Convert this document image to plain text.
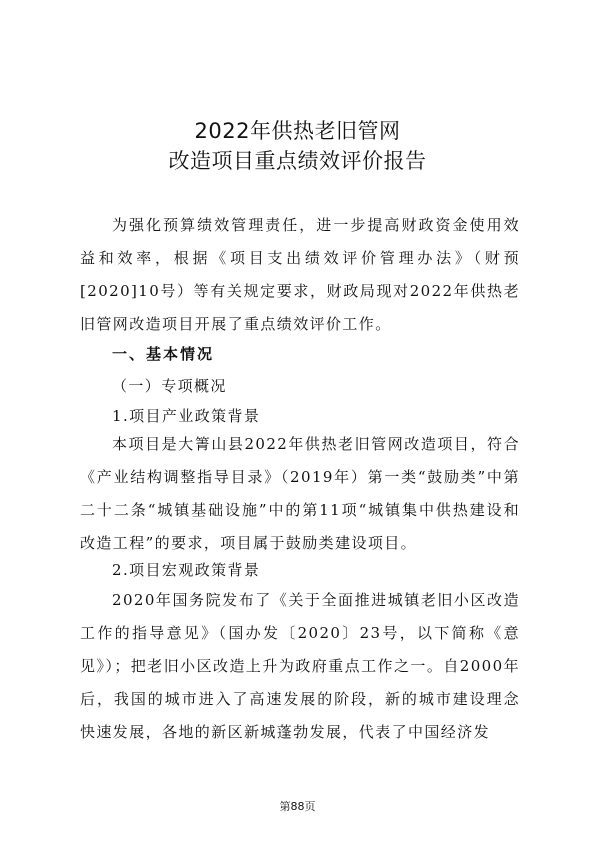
2022年供热老旧管网
改造项目重点绩效评价报告

为强化预算绩效管理责任，进一步提高财政资金使用效益和效率，根据《项目支出绩效评价管理办法》（财预[2020]10号）等有关规定要求，财政局现对2022年供热老旧管网改造项目开展了重点绩效评价工作。

一、基本情况
（一）专项概况
1.项目产业政策背景

本项目是大箐山县2022年供热老旧管网改造项目，符合《产业结构调整指导目录》（2019年）第一类“鼓励类”中第二十二条“城镇基础设施”中的第11项“城镇集中供热建设和改造工程”的要求，项目属于鼓励类建设项目。

2.项目宏观政策背景

2020年国务院发布了《关于全面推进城镇老旧小区改造工作的指导意见》（国办发〔2020〕23号，以下简称《意见》）；把老旧小区改造上升为政府重点工作之一。自2000年后，我国的城市进入了高速发展的阶段，新的城市建设理念快速发展，各地的新区新城蓬勃发展，代表了中国经济发

第88页
